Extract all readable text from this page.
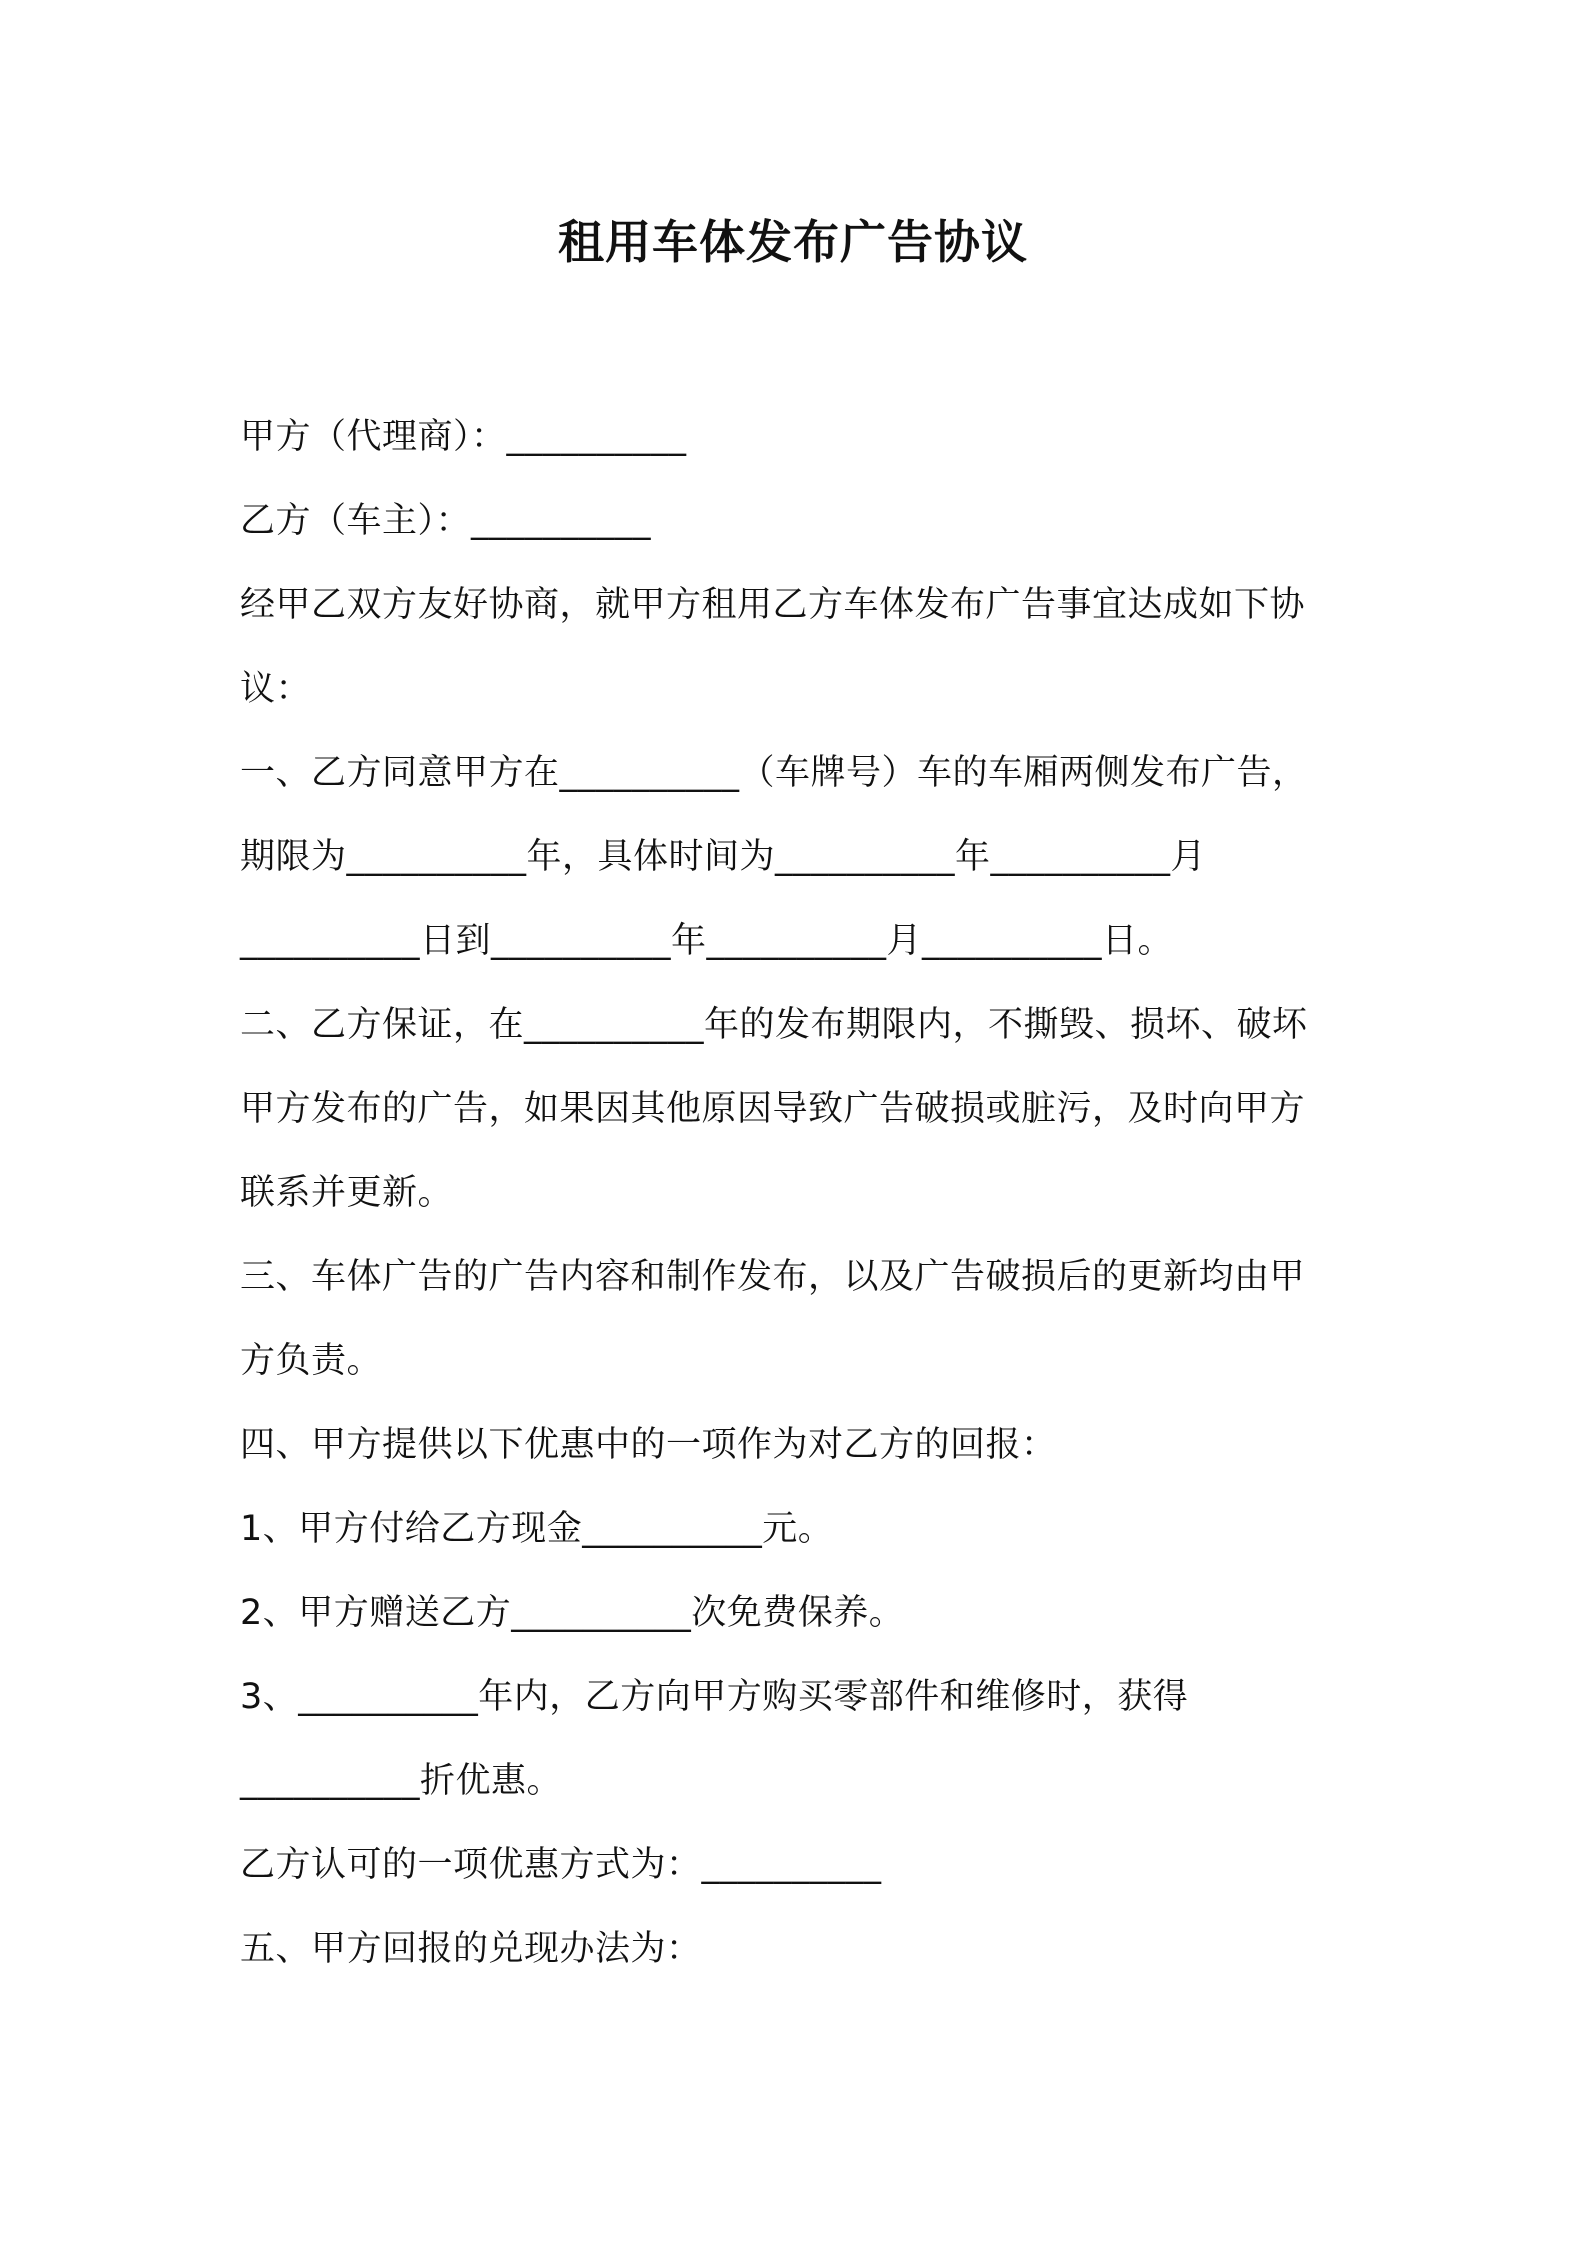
租用车体发布广告协议
甲方（代理商）：__________
乙方（车主）：__________
经甲乙双方友好协商，就甲方租用乙方车体发布广告事宜达成如下协
议：
一、乙方同意甲方在__________（车牌号）车的车厢两侧发布广告，
期限为__________年，具体时间为__________年__________月
__________日到__________年__________月__________日。
二、乙方保证，在__________年的发布期限内，不撕毁、损坏、破坏
甲方发布的广告，如果因其他原因导致广告破损或脏污，及时向甲方
联系并更新。
三、车体广告的广告内容和制作发布，以及广告破损后的更新均由甲
方负责。
四、甲方提供以下优惠中的一项作为对乙方的回报：
1、甲方付给乙方现金__________元。
2、甲方赠送乙方__________次免费保养。
3、__________年内，乙方向甲方购买零部件和维修时，获得
__________折优惠。
乙方认可的一项优惠方式为：__________
五、甲方回报的兑现办法为：
